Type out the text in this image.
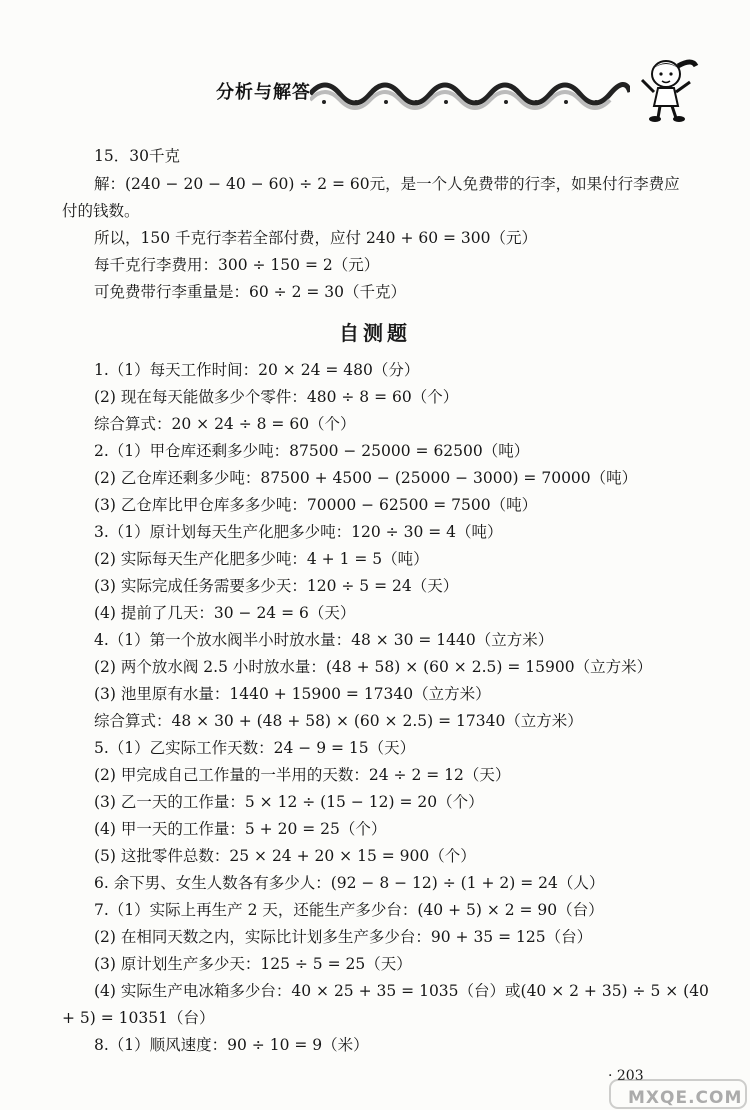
分析与解答
15．30千克
解：(240 − 20 − 40 − 60) ÷ 2 = 60元，是一个人免费带的行李，如果付行李费应
付的钱数。
所以，150 千克行李若全部付费，应付 240 + 60 = 300（元）
每千克行李费用：300 ÷ 150 = 2（元）
可免费带行李重量是：60 ÷ 2 = 30（千克）
自测题
1.（1）每天工作时间：20 × 24 = 480（分）
(2) 现在每天能做多少个零件：480 ÷ 8 = 60（个）
综合算式：20 × 24 ÷ 8 = 60（个）
2.（1）甲仓库还剩多少吨：87500 − 25000 = 62500（吨）
(2) 乙仓库还剩多少吨：87500 + 4500 − (25000 − 3000) = 70000（吨）
(3) 乙仓库比甲仓库多多少吨：70000 − 62500 = 7500（吨）
3.（1）原计划每天生产化肥多少吨：120 ÷ 30 = 4（吨）
(2) 实际每天生产化肥多少吨：4 + 1 = 5（吨）
(3) 实际完成任务需要多少天：120 ÷ 5 = 24（天）
(4) 提前了几天：30 − 24 = 6（天）
4.（1）第一个放水阀半小时放水量：48 × 30 = 1440（立方米）
(2) 两个放水阀 2.5 小时放水量：(48 + 58) × (60 × 2.5) = 15900（立方米）
(3) 池里原有水量：1440 + 15900 = 17340（立方米）
综合算式：48 × 30 + (48 + 58) × (60 × 2.5) = 17340（立方米）
5.（1）乙实际工作天数：24 − 9 = 15（天）
(2) 甲完成自己工作量的一半用的天数：24 ÷ 2 = 12（天）
(3) 乙一天的工作量：5 × 12 ÷ (15 − 12) = 20（个）
(4) 甲一天的工作量：5 + 20 = 25（个）
(5) 这批零件总数：25 × 24 + 20 × 15 = 900（个）
6. 余下男、女生人数各有多少人：(92 − 8 − 12) ÷ (1 + 2) = 24（人）
7.（1）实际上再生产 2 天，还能生产多少台：(40 + 5) × 2 = 90（台）
(2) 在相同天数之内，实际比计划多生产多少台：90 + 35 = 125（台）
(3) 原计划生产多少天：125 ÷ 5 = 25（天）
(4) 实际生产电冰箱多少台：40 × 25 + 35 = 1035（台）或(40 × 2 + 35) ÷ 5 × (40
+ 5) = 10351（台）
8.（1）顺风速度：90 ÷ 10 = 9（米）
· 203
MXQE.COM
